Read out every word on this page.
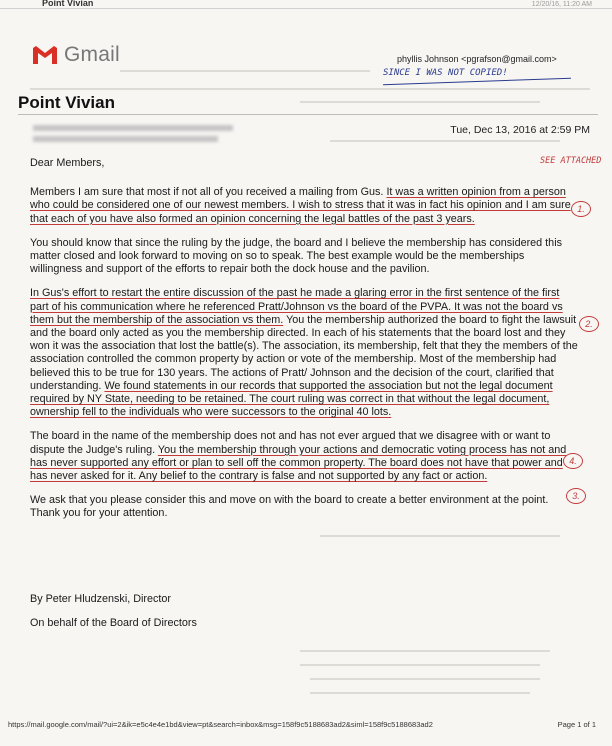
Point Vivian	12/20/16, 11:20 AM
Gmail	phyllis Johnson <pgrafson@gmail.com>
SINCE I WAS NOT COPIED!
Point Vivian
Tue, Dec 13, 2016 at 2:59 PM
SEE ATTACHED

Dear Members,

Members I am sure that most if not all of you received a mailing from Gus. It was a written opinion from a person who could be considered one of our newest members. I wish to stress that it was in fact his opinion and I am sure that each of you have also formed an opinion concerning the legal battles of the past 3 years.

You should know that since the ruling by the judge, the board and I believe the membership has considered this matter closed and look forward to moving on so to speak. The best example would be the memberships willingness and support of the efforts to repair both the dock house and the pavilion.

In Gus's effort to restart the entire discussion of the past he made a glaring error in the first sentence of the first part of his communication where he referenced Pratt/Johnson vs the board of the PVPA. It was not the board vs them but the membership of the association vs them. You the membership authorized the board to fight the lawsuit and the board only acted as you the membership directed. In each of his statements that the board lost and they won it was the association that lost the battle(s). The association, its membership, felt that they the members of the association controlled the common property by action or vote of the membership. Most of the membership had believed this to be true for 130 years. The actions of Pratt/ Johnson and the decision of the court, clarified that understanding. We found statements in our records that supported the association but not the legal document required by NY State, needing to be retained. The court ruling was correct in that without the legal document, ownership fell to the individuals who were successors to the original 40 lots.

The board in the name of the membership does not and has not ever argued that we disagree with or want to dispute the Judge's ruling. You the membership through your actions and democratic voting process has not and has never supported any effort or plan to sell off the common property. The board does not have that power and has never asked for it. Any belief to the contrary is false and not supported by any fact or action.

We ask that you please consider this and move on with the board to create a better environment at the point. Thank you for your attention.

1.
2.
4.
3.
By Peter Hludzenski, Director
On behalf of the Board of Directors
https://mail.google.com/mail/?ui=2&ik=e5c4e4e1bd&view=pt&search=inbox&msg=158f9c5188683ad2&siml=158f9c5188683ad2	Page 1 of 1
